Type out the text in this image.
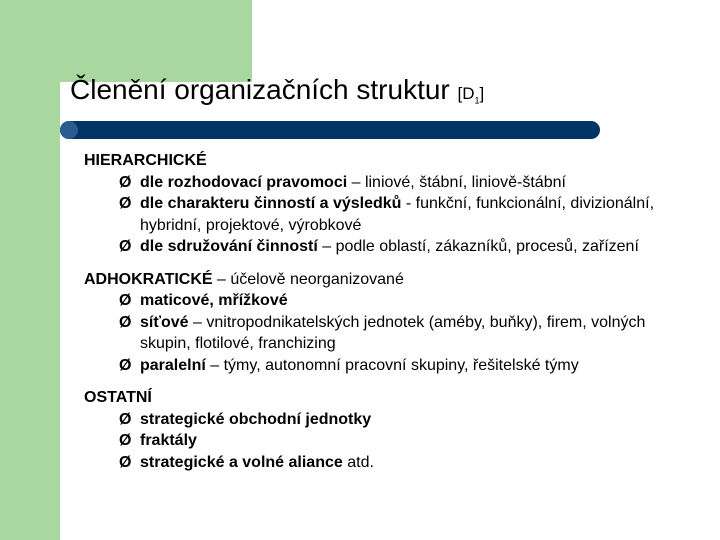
Členění organizačních struktur $[D_1]$
HIERARCHICKÉ
Ø dle rozhodovací pravomoci – liniové, štábní, liniově-štábní
Ø dle charakteru činností a výsledků - funkční, funkcionální, divizionální, hybridní, projektové, výrobkové
Ø dle sdružování činností – podle oblastí, zákazníků, procesů, zařízení
ADHOKRATICKÉ – účelově neorganizované
Ø maticové, mřížkové
Ø síťové – vnitropodnikatelských jednotek (améby, buňky), firem, volných skupin, flotilové, franchizing
Ø paralelní – týmy, autonomní pracovní skupiny, řešitelské týmy
OSTATNÍ
Ø strategické obchodní jednotky
Ø fraktály
Ø strategické a volné aliance atd.
